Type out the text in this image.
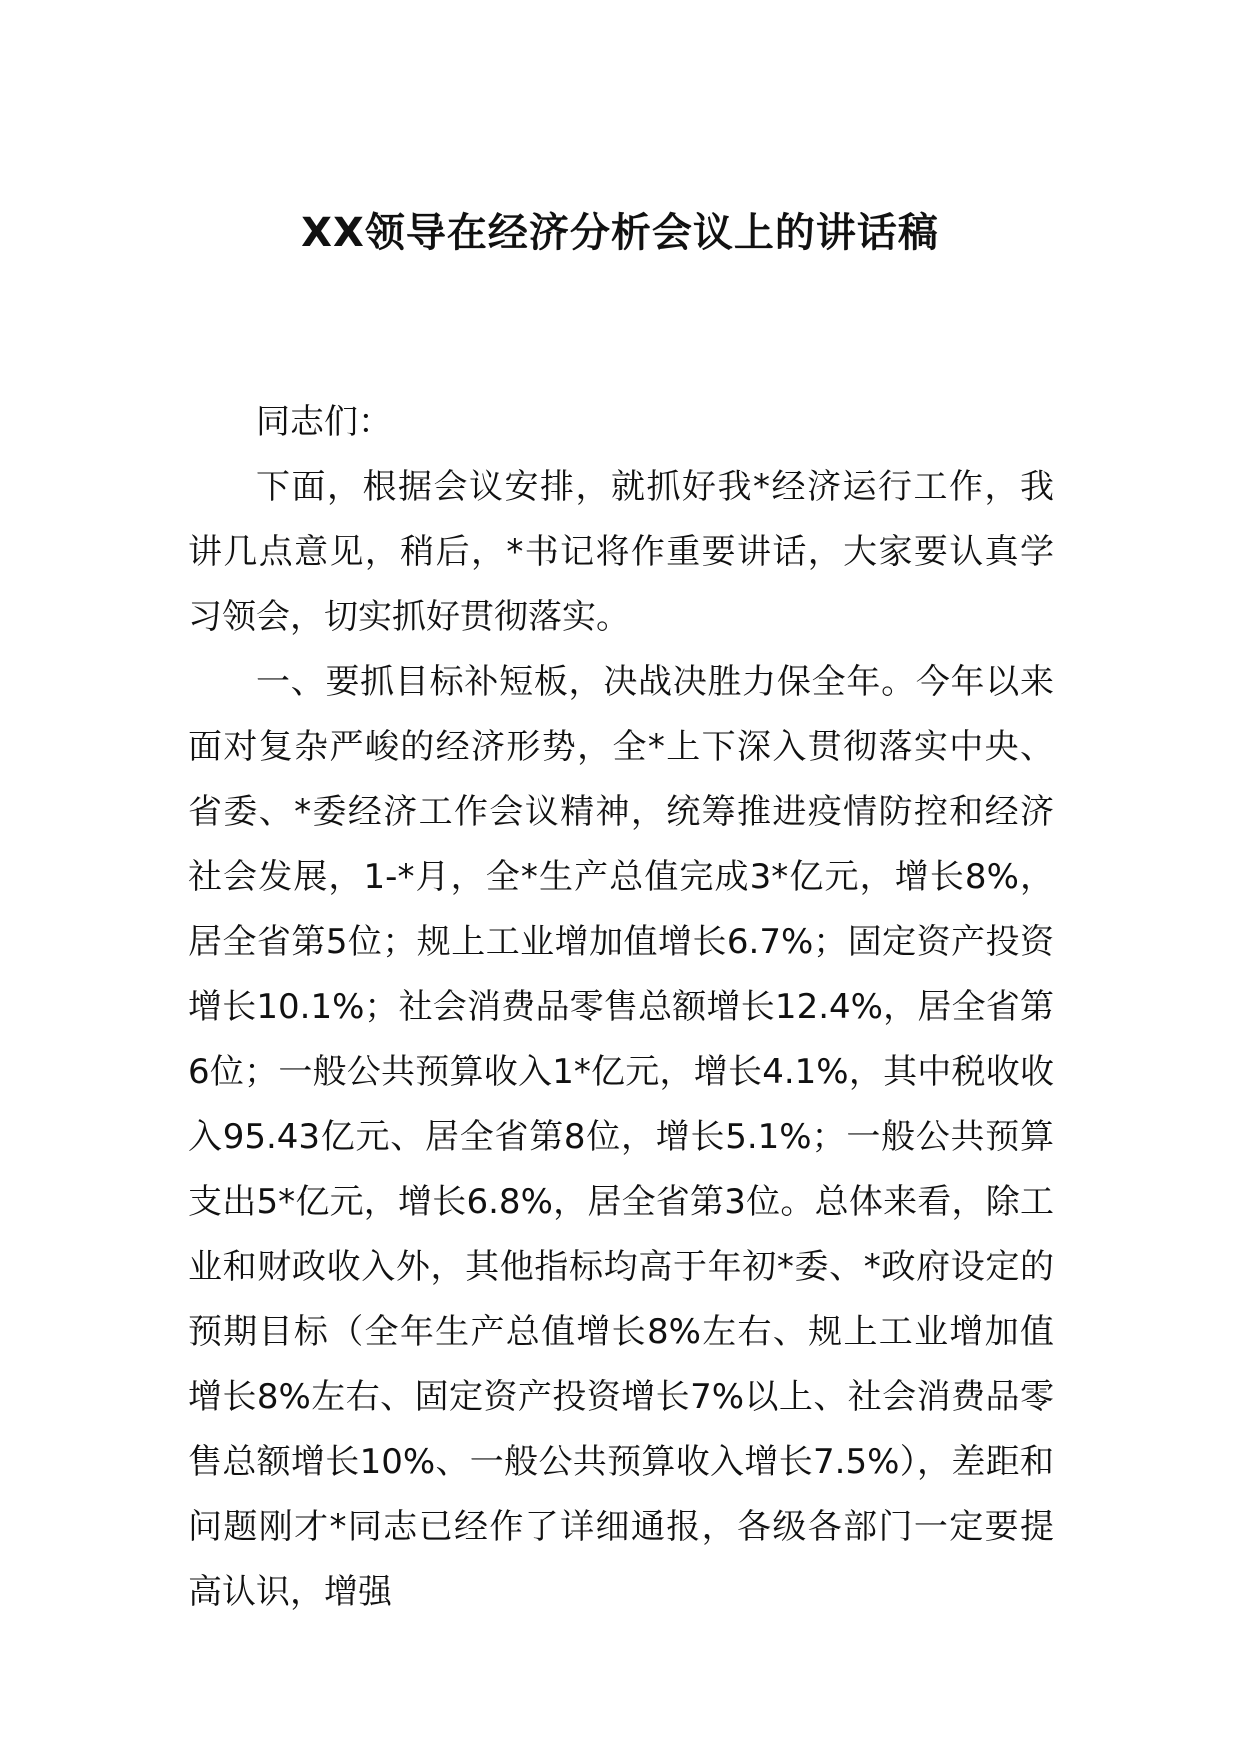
XX领导在经济分析会议上的讲话稿

同志们：

下面，根据会议安排，就抓好我*经济运行工作，我讲几点意见，稍后，*书记将作重要讲话，大家要认真学习领会，切实抓好贯彻落实。

一、要抓目标补短板，决战决胜力保全年。今年以来面对复杂严峻的经济形势，全*上下深入贯彻落实中央、省委、*委经济工作会议精神，统筹推进疫情防控和经济社会发展，1-*月，全*生产总值完成3*亿元，增长8%，居全省第5位；规上工业增加值增长6.7%；固定资产投资增长10.1%；社会消费品零售总额增长12.4%，居全省第6位；一般公共预算收入1*亿元，增长4.1%，其中税收收入95.43亿元、居全省第8位，增长5.1%；一般公共预算支出5*亿元，增长6.8%，居全省第3位。总体来看，除工业和财政收入外，其他指标均高于年初*委、*政府设定的预期目标（全年生产总值增长8%左右、规上工业增加值增长8%左右、固定资产投资增长7%以上、社会消费品零售总额增长10%、一般公共预算收入增长7.5%），差距和问题刚才*同志已经作了详细通报，各级各部门一定要提高认识，增强
